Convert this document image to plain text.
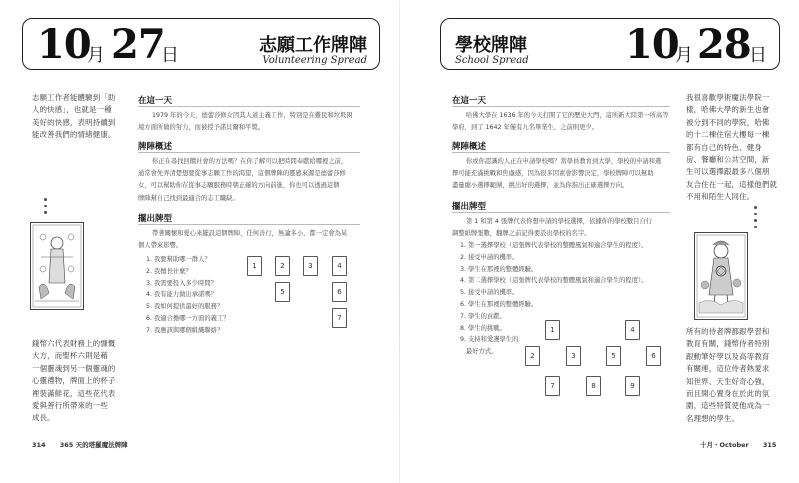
10
月 27
日	志願工作牌陣
Volunteering Spread
志願工作者能體驗到「助
人的快感」，也就是一種
美好的快感，表明持續到
能改善我們的情緒健康。
錢幣六代表財務上的慷慨
大方，而聖杯六則是藉
一個靈魂到另一個靈魂的
心靈禮物，牌面上的杯子
裡裝滿鮮花，這些花代表
愛與善行所帶來的一些
成長。
在這一天
1979 年的今天，德蕾莎修女因其人道主義工作，特別是在難民和垃圾困
境方面所做的努力，而被授予諾貝爾和平獎。
牌陣概述
你正在尋找回饋社會的方法嗎？在你了解可以把時間奉獻給哪裡之前，
通常會先弄清楚想要從事志願工作的渴望，這個牌陣的靈感來源是德蕾莎修
女，可以幫助你在從事志願服務時朝正確的方向前進，你也可以透過這個
牌陣幫自己找到最適合的志工職缺。
擺出牌型
帶著關懷和愛心來擺設這個牌陣，任何善行，無論多小，都一定會為某
個人帶來影響。
1. 我要幫助哪一群人？
2. 我擅長什麼？
3. 我需要投入多少時間？
4. 我有能力做出承諾嗎？
5. 我如何提供最好的服務？
6. 我適合擔哪一方面的義工？
7. 我應該與哪個組織聯絡？
1	2	3	4
5	6
7
314 365 天的塔羅魔法牌陣
學校牌陣
School Spread 10
月 28
日
在這一天
哈佛大學在 1636 年的今天打開了它的歷史大門，這所新大陸第一所高等
學府，到了 1642 年僅有九名畢業生，之前則更少。
牌陣概述
你或你認識的人正在申請學校嗎？當學員教育到大學，學校的申請和選
擇可能充滿挑戰和焦慮感，因為很多因素會影響決定，學校牌陣可以幫助
盡量縮小選擇範圍，挑出好的選擇，並為你指出正確選擇方向。
擺出牌型
第 1 和第 4 張牌代表你想申請的學校選擇，依據你的學校數目自行
調整紙牌張數，翻牌之前記得要設出學校的名字。
1. 第一選擇學校（這張牌代表學校的整體風氣和適合學生的程度）。
2. 接受申請的機率。
3. 學生在那裡的整體經驗。
4. 第二選擇學校（這張牌代表學校的整體風氣和適合學生的程度）。
5. 接受申請的機率。
6. 學生在那裡的整體經驗。
7. 學生的貢獻。
8. 學生的挑戰。
9. 支持和愛護學生的
最好方式。
1	4
2	3	5	6
7	8	9
我很喜歡學術魔法學院一
樣，哈佛大學的新生也會
被分到不同的學院，哈佛
的十二棟住宿大樓每一棟
都有自己的特色、健身
房、餐廳和公共空間，新
生可以選擇跟最多八個朋
友合住在一起，這樣他們就
不用和陌生人同住。
所有的侍者牌都跟學習和
教育有關，錢幣侍者特別
跟動筆好學以及高等教育
有關連，這位侍者熱愛求
知世界、天生好奇心強，
而且開心置身在於此的氛
圍，這些特質使他成為一
名理想的學生。
十月・October 315
